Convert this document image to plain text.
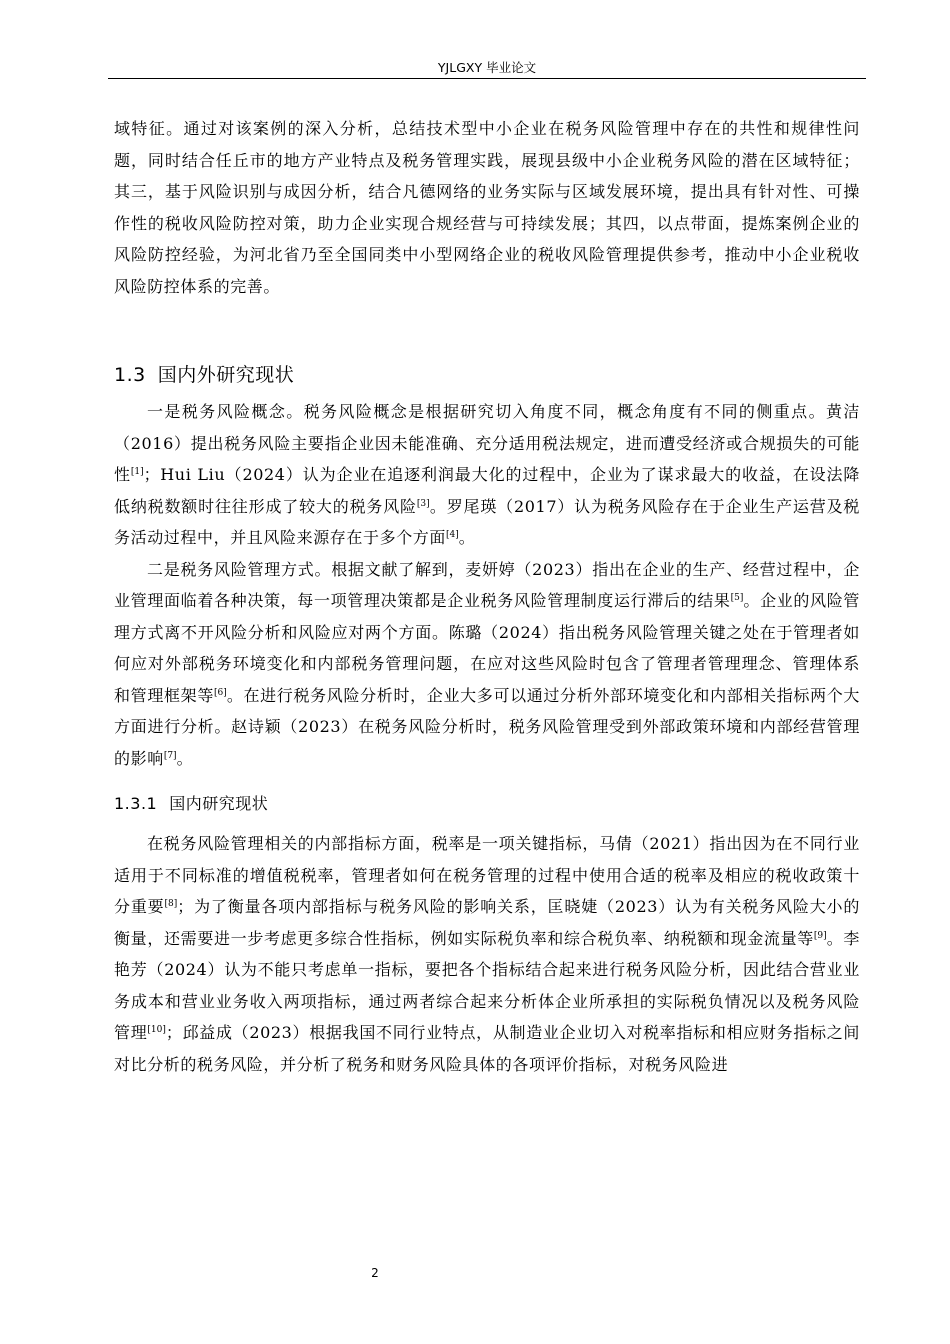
YJLGXY 毕业论文

域特征。通过对该案例的深入分析，总结技术型中小企业在税务风险管理中存在的共性和规律性问题，同时结合任丘市的地方产业特点及税务管理实践，展现县级中小企业税务风险的潜在区域特征；其三，基于风险识别与成因分析，结合凡德网络的业务实际与区域发展环境，提出具有针对性、可操作性的税收风险防控对策，助力企业实现合规经营与可持续发展；其四，以点带面，提炼案例企业的风险防控经验，为河北省乃至全国同类中小型网络企业的税收风险管理提供参考，推动中小企业税收风险防控体系的完善。

1.3 国内外研究现状

一是税务风险概念。税务风险概念是根据研究切入角度不同，概念角度有不同的侧重点。黄洁（2016）提出税务风险主要指企业因未能准确、充分适用税法规定，进而遭受经济或合规损失的可能性[1]；Hui Liu（2024）认为企业在追逐利润最大化的过程中，企业为了谋求最大的收益，在设法降低纳税数额时往往形成了较大的税务风险[3]。罗尾瑛（2017）认为税务风险存在于企业生产运营及税务活动过程中，并且风险来源存在于多个方面[4]。

二是税务风险管理方式。根据文献了解到，麦妍婷（2023）指出在企业的生产、经营过程中，企业管理面临着各种决策，每一项管理决策都是企业税务风险管理制度运行滞后的结果[5]。企业的风险管理方式离不开风险分析和风险应对两个方面。陈璐（2024）指出税务风险管理关键之处在于管理者如何应对外部税务环境变化和内部税务管理问题，在应对这些风险时包含了管理者管理理念、管理体系和管理框架等[6]。在进行税务风险分析时，企业大多可以通过分析外部环境变化和内部相关指标两个大方面进行分析。赵诗颖（2023）在税务风险分析时，税务风险管理受到外部政策环境和内部经营管理的影响[7]。

1.3.1 国内研究现状

在税务风险管理相关的内部指标方面，税率是一项关键指标，马倩（2021）指出因为在不同行业适用于不同标准的增值税税率，管理者如何在税务管理的过程中使用合适的税率及相应的税收政策十分重要[8]；为了衡量各项内部指标与税务风险的影响关系，匡晓婕（2023）认为有关税务风险大小的衡量，还需要进一步考虑更多综合性指标，例如实际税负率和综合税负率、纳税额和现金流量等[9]。李艳芳（2024）认为不能只考虑单一指标，要把各个指标结合起来进行税务风险分析，因此结合营业业务成本和营业业务收入两项指标，通过两者综合起来分析体企业所承担的实际税负情况以及税务风险管理[10]；邱益成（2023）根据我国不同行业特点，从制造业企业切入对税率指标和相应财务指标之间对比分析的税务风险，并分析了税务和财务风险具体的各项评价指标，对税务风险进

2
